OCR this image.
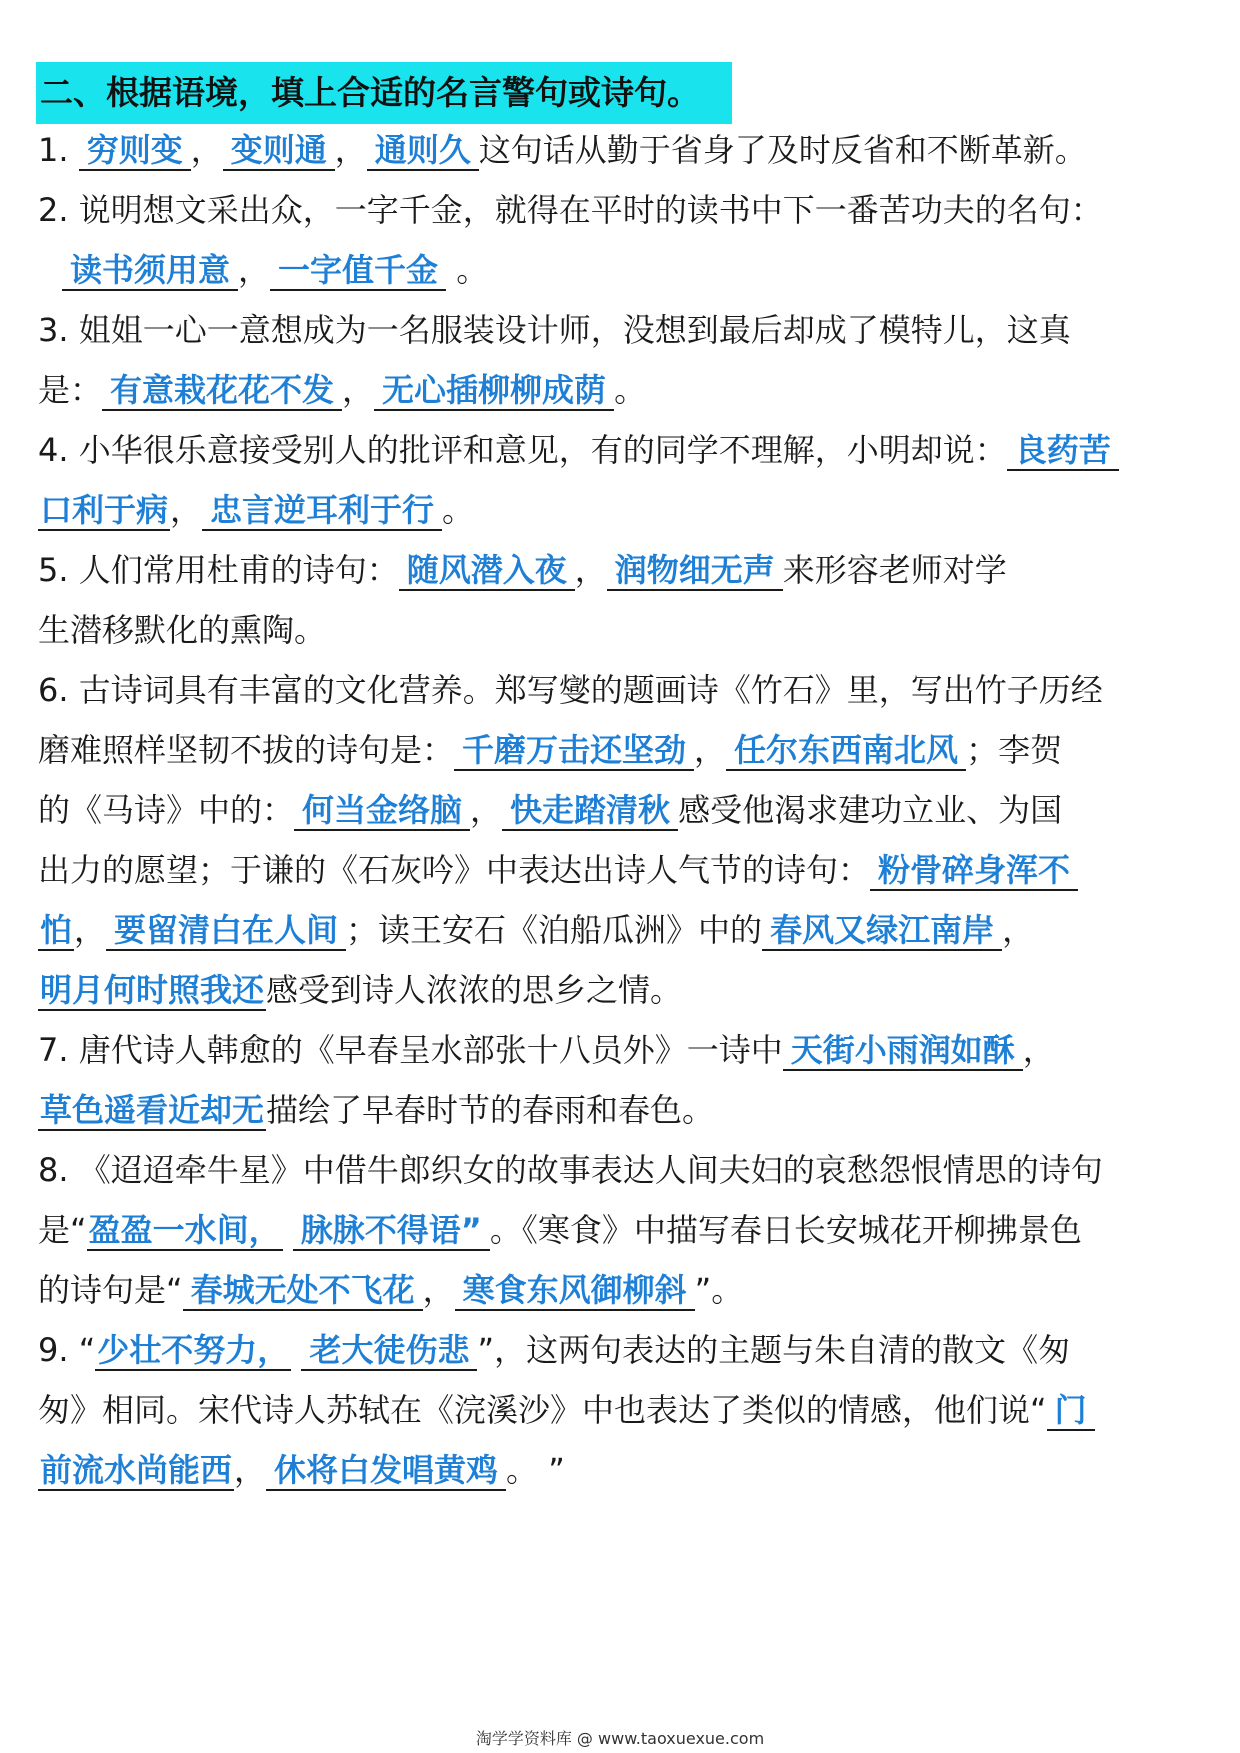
二、根据语境，填上合适的名言警句或诗句。
1. 穷则变 ， 变则通 ， 通则久 这句话从勤于省身了及时反省和不断革新。
2. 说明想文采出众，一字千金，就得在平时的读书中下一番苦功夫的名句：
读书须用意 ， 一字值千金 。
3. 姐姐一心一意想成为一名服装设计师，没想到最后却成了模特儿，这真
是： 有意栽花花不发 ， 无心插柳柳成荫 。
4. 小华很乐意接受别人的批评和意见，有的同学不理解，小明却说： 良药苦
口利于病， 忠言逆耳利于行 。
5. 人们常用杜甫的诗句： 随风潜入夜 ， 润物细无声 来形容老师对学
生潜移默化的熏陶。
6. 古诗词具有丰富的文化营养。郑写燮的题画诗《竹石》里，写出竹子历经
磨难照样坚韧不拔的诗句是： 千磨万击还坚劲 ， 任尔东西南北风 ；李贺
的《马诗》中的： 何当金络脑 ， 快走踏清秋 感受他渴求建功立业、为国
出力的愿望；于谦的《石灰吟》中表达出诗人气节的诗句： 粉骨碎身浑不
怕， 要留清白在人间 ；读王安石《泊船瓜洲》中的 春风又绿江南岸 ，
明月何时照我还感受到诗人浓浓的思乡之情。
7. 唐代诗人韩愈的《早春呈水部张十八员外》一诗中 天街小雨润如酥 ，
草色遥看近却无描绘了早春时节的春雨和春色。
8. 《迢迢牵牛星》中借牛郎织女的故事表达人间夫妇的哀愁怨恨情思的诗句
是“盈盈一水间， 脉脉不得语” 。《寒食》中描写春日长安城花开柳拂景色
的诗句是“ 春城无处不飞花 ， 寒食东风御柳斜 ”。
9. “少壮不努力， 老大徒伤悲 ”，这两句表达的主题与朱自清的散文《匆
匆》相同。宋代诗人苏轼在《浣溪沙》中也表达了类似的情感，他们说“ 门
前流水尚能西， 休将白发唱黄鸡 。 ”
淘学学资料库 @ www.taoxuexue.com
